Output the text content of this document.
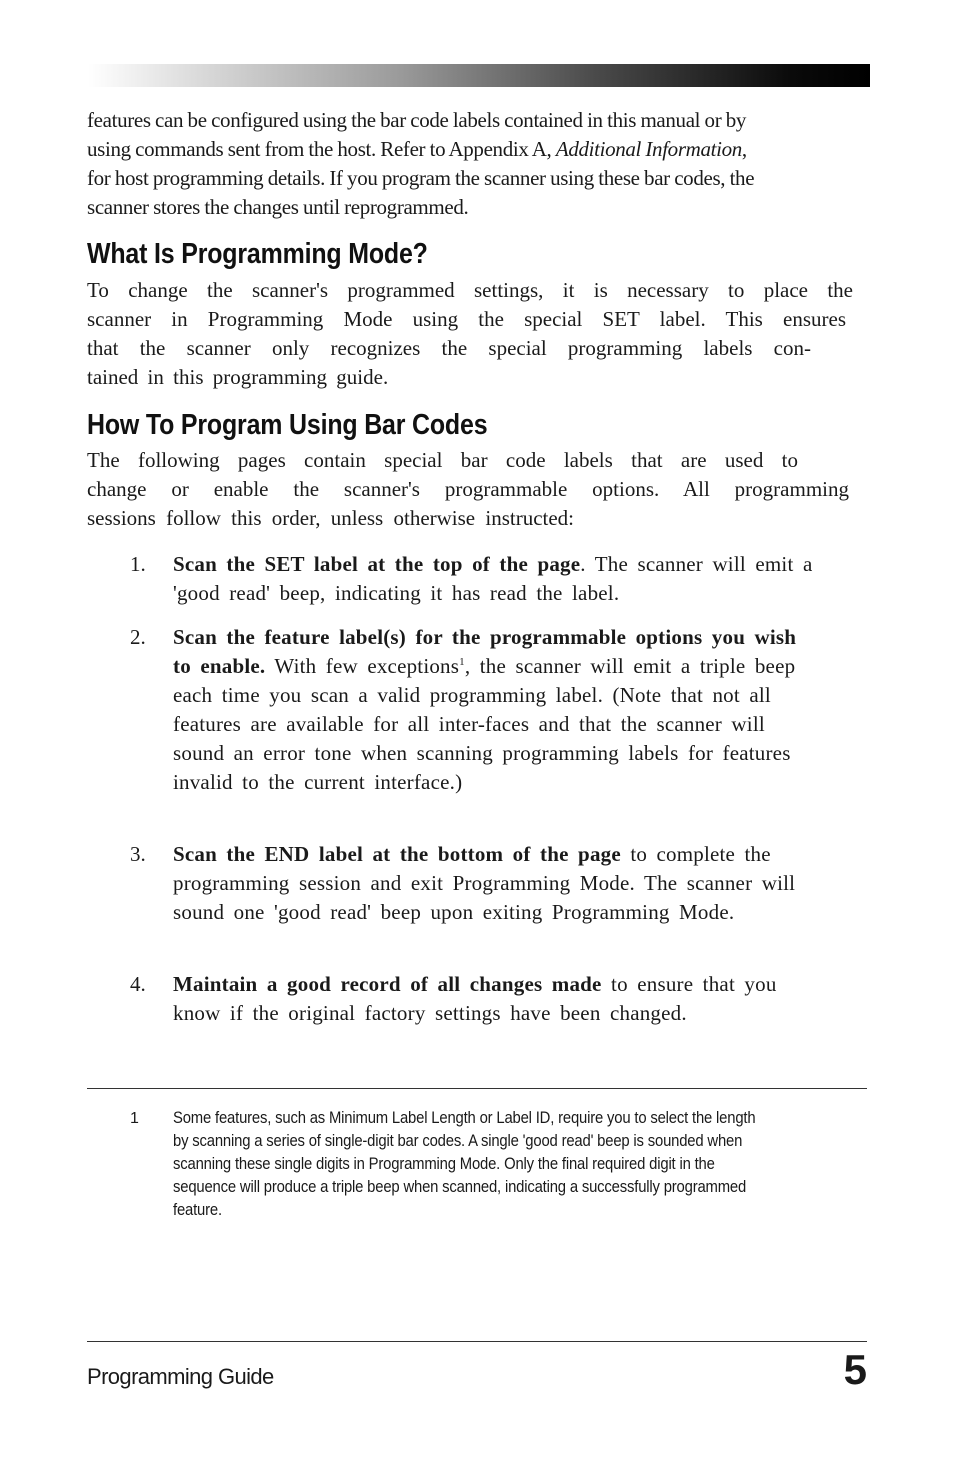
features can be configured using the bar code labels contained in this manual or by
using commands sent from the host. Refer to Appendix A, Additional Information,
for host programming details. If you program the scanner using these bar codes, the
scanner stores the changes until reprogrammed.
What Is Programming Mode?
To change the scanner's programmed settings, it is necessary to place the
scanner in Programming Mode using the special SET label. This ensures
that the scanner only recognizes the special programming labels con-
tained in this programming guide.
How To Program Using Bar Codes
The following pages contain special bar code labels that are used to
change or enable the scanner's programmable options. All programming
sessions follow this order, unless otherwise instructed:
1. Scan the SET label at the top of the page. The scanner will emit a 'good read' beep, indicating it has read the label.
2. Scan the feature label(s) for the programmable options you wish to enable. With few exceptions$^1$, the scanner will emit a triple beep each time you scan a valid programming label. (Note that not all features are available for all inter-faces and that the scanner will sound an error tone when scanning programming labels for features invalid to the current interface.)
3. Scan the END label at the bottom of the page to complete the programming session and exit Programming Mode. The scanner will sound one 'good read' beep upon exiting Programming Mode.
4. Maintain a good record of all changes made to ensure that you know if the original factory settings have been changed.
1 Some features, such as Minimum Label Length or Label ID, require you to select the length
by scanning a series of single-digit bar codes. A single 'good read' beep is sounded when
scanning these single digits in Programming Mode. Only the final required digit in the
sequence will produce a triple beep when scanned, indicating a successfully programmed
feature.
Programming Guide	5
